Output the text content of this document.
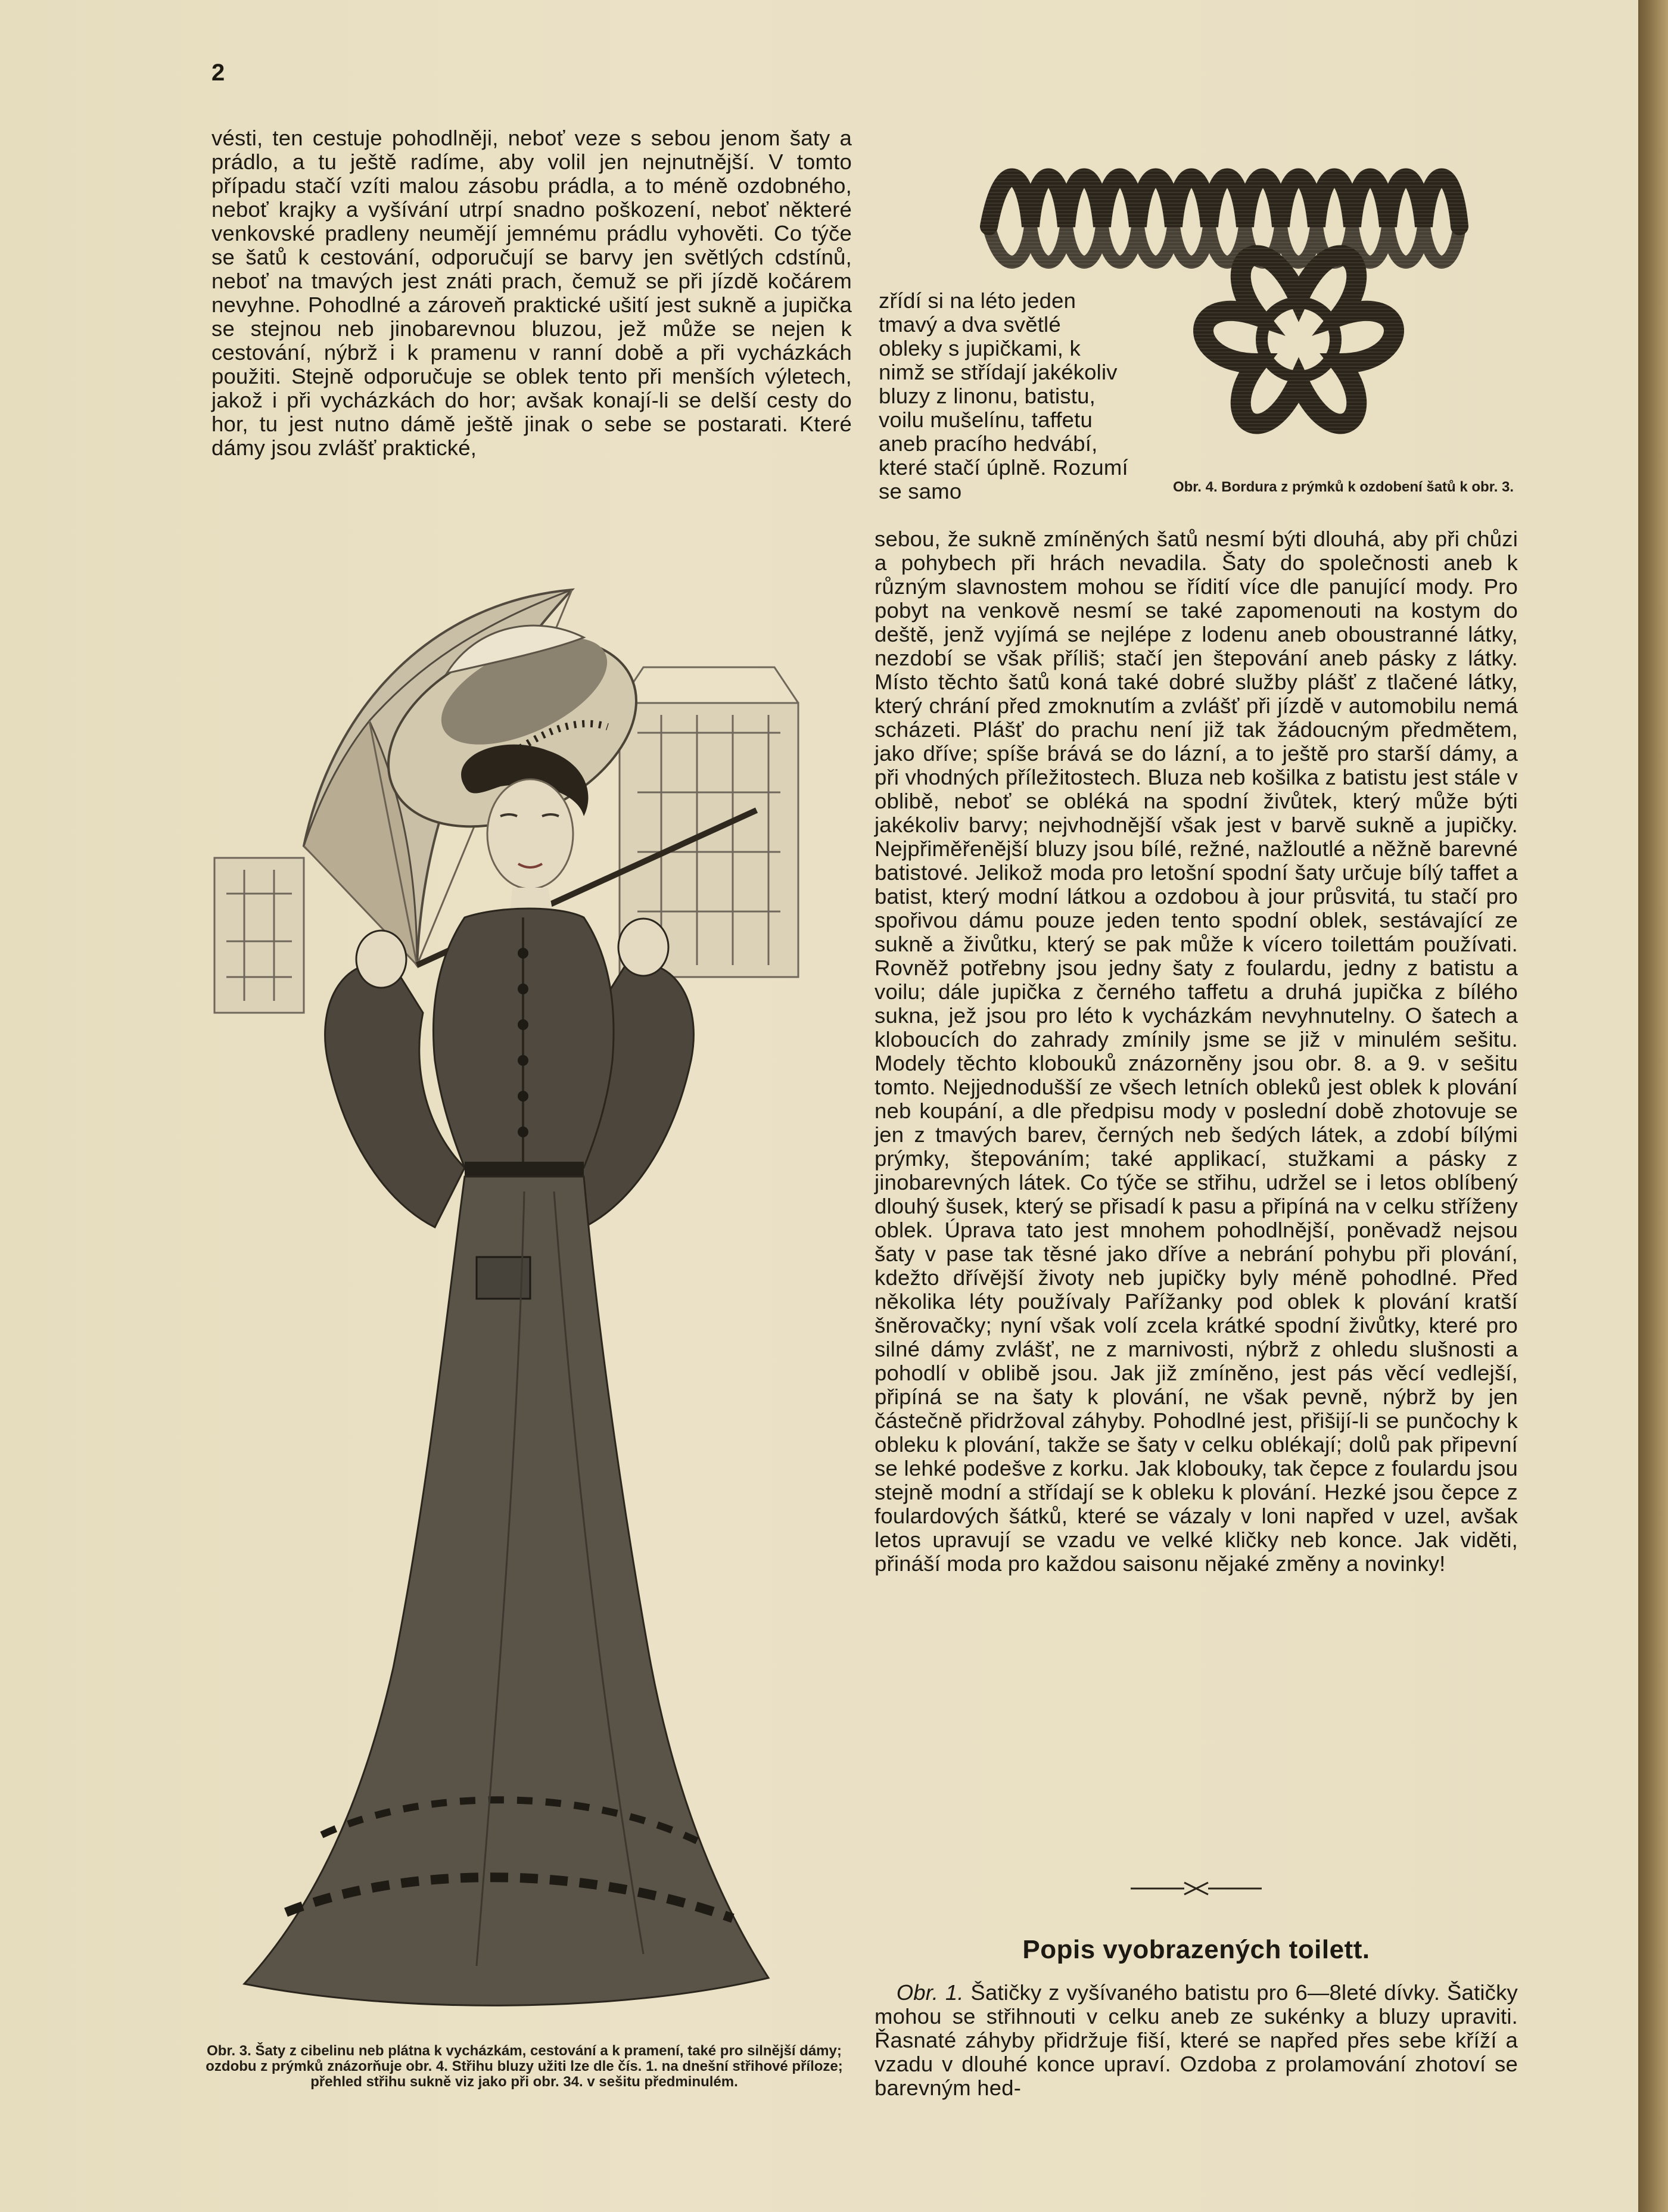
2

vésti, ten cestuje pohodlněji, neboť veze s sebou jenom šaty a prádlo, a tu ještě radíme, aby volil jen nejnutnější. V tomto případu stačí vzíti malou zásobu prádla, a to méně ozdobného, neboť krajky a vyšívání utrpí snadno poškození, neboť některé venkovské pradleny neumějí jemnému prádlu vyhověti. Co týče se šatů k cestování, odporučují se barvy jen světlých cdstínů, neboť na tmavých jest znáti prach, čemuž se při jízdě kočárem nevyhne. Pohodlné a zároveň praktické ušití jest sukně a jupička se stejnou neb jinobarevnou bluzou, jež může se nejen k cestování, nýbrž i k pramenu v ranní době a při vycházkách použiti. Stejně odporučuje se oblek tento při menších výletech, jakož i při vycházkách do hor; avšak konají-li se delší cesty do hor, tu jest nutno dámě ještě jinak o sebe se postarati. Které dámy jsou zvlášť praktické,

Obr. 4. Bordura z prýmků k ozdobení šatů k obr. 3.

zřídí si na léto jeden tmavý a dva světlé obleky s jupičkami, k nimž se střídají jakékoliv bluzy z linonu, batistu, voilu mušelínu, taffetu aneb pracího hedvábí, které stačí úplně. Rozumí se samo

sebou, že sukně zmíněných šatů nesmí býti dlouhá, aby při chůzi a pohybech při hrách nevadila. Šaty do společnosti aneb k různým slavnostem mohou se řídití více dle panující mody. Pro pobyt na venkově nesmí se také zapomenouti na kostym do deště, jenž vyjímá se nejlépe z lodenu aneb oboustranné látky, nezdobí se však příliš; stačí jen štepování aneb pásky z látky. Místo těchto šatů koná také dobré služby plášť z tlačené látky, který chrání před zmoknutím a zvlášť při jízdě v automobilu nemá scházeti. Plášť do prachu není již tak žádoucným předmětem, jako dříve; spíše brává se do lázní, a to ještě pro starší dámy, a při vhodných příležitostech. Bluza neb košilka z batistu jest stále v oblibě, neboť se obléká na spodní živůtek, který může býti jakékoliv barvy; nejvhodnější však jest v barvě sukně a jupičky. Nejpřiměřenější bluzy jsou bílé, režné, nažloutlé a něžně barevné batistové. Jelikož moda pro letošní spodní šaty určuje bílý taffet a batist, který modní látkou a ozdobou à jour průsvitá, tu stačí pro spořivou dámu pouze jeden tento spodní oblek, sestávající ze sukně a živůtku, který se pak může k vícero toilettám používati. Rovněž potřebny jsou jedny šaty z foulardu, jedny z batistu a voilu; dále jupička z černého taffetu a druhá jupička z bílého sukna, jež jsou pro léto k vycházkám nevyhnutelny. O šatech a kloboucích do zahrady zmínily jsme se již v minulém sešitu. Modely těchto klobouků znázorněny jsou obr. 8. a 9. v sešitu tomto. Nejjednodušší ze všech letních obleků jest oblek k plování neb koupání, a dle předpisu mody v poslední době zhotovuje se jen z tmavých barev, černých neb šedých látek, a zdobí bílými prýmky, štepováním; také applikací, stužkami a pásky z jinobarevných látek. Co týče se střihu, udržel se i letos oblíbený dlouhý šusek, který se přisadí k pasu a připíná na v celku stříženy oblek. Úprava tato jest mnohem pohodlnější, poněvadž nejsou šaty v pase tak těsné jako dříve a nebrání pohybu při plování, kdežto dřívější životy neb jupičky byly méně pohodlné. Před několika léty používaly Pařížanky pod oblek k plování kratší šněrovačky; nyní však volí zcela krátké spodní živůtky, které pro silné dámy zvlášť, ne z marnivosti, nýbrž z ohledu slušnosti a pohodlí v oblibě jsou. Jak již zmíněno, jest pás věcí vedlejší, připíná se na šaty k plování, ne však pevně, nýbrž by jen částečně přidržoval záhyby. Pohodlné jest, přišijí-li se punčochy k obleku k plování, takže se šaty v celku oblékají; dolů pak připevní se lehké podešve z korku. Jak klobouky, tak čepce z foulardu jsou stejně modní a střídají se k obleku k plování. Hezké jsou čepce z foulardových šátků, které se vázaly v loni napřed v uzel, avšak letos upravují se vzadu ve velké kličky neb konce. Jak viděti, přináší moda pro každou saisonu nějaké změny a novinky!

Obr. 3. Šaty z cibelinu neb plátna k vycházkám, cestování a k pramení, také pro silnější dámy; ozdobu z prýmků znázorňuje obr. 4. Střihu bluzy užiti lze dle čís. 1. na dnešní střihové příloze; přehled střihu sukně viz jako při obr. 34. v sešitu předminulém.

Popis vyobrazených toilett.

 Obr. 1. Šatičky z vyšívaného batistu pro 6—8leté dívky. Šatičky mohou se střihnouti v celku aneb ze sukénky a bluzy upraviti. Řasnaté záhyby přidržuje fiší, které se napřed přes sebe kříží a vzadu v dlouhé konce upraví. Ozdoba z prolamování zhotoví se barevným hed-
